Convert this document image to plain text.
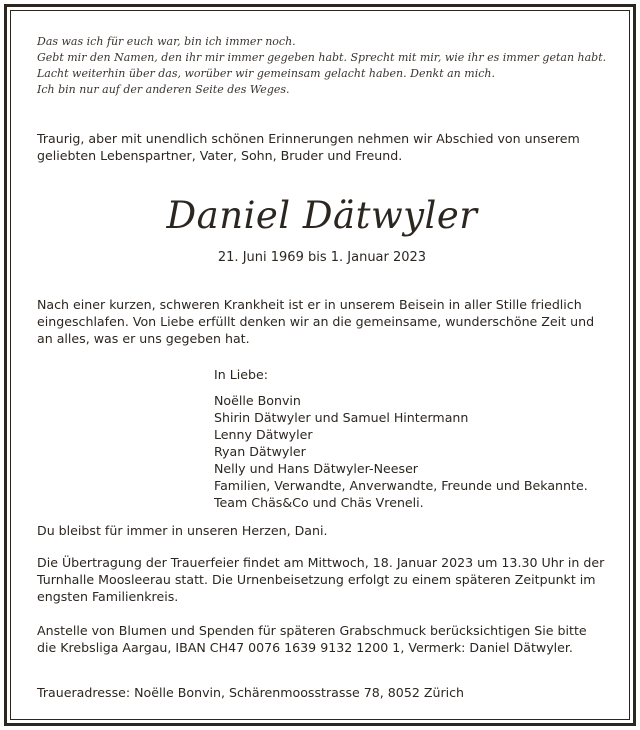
Das was ich für euch war, bin ich immer noch.
Gebt mir den Namen, den ihr mir immer gegeben habt. Sprecht mit mir, wie ihr es immer getan habt.
Lacht weiterhin über das, worüber wir gemeinsam gelacht haben. Denkt an mich.
Ich bin nur auf der anderen Seite des Weges.

Traurig, aber mit unendlich schönen Erinnerungen nehmen wir Abschied von unserem geliebten Lebenspartner, Vater, Sohn, Bruder und Freund.

Daniel Dätwyler
21. Juni 1969 bis 1. Januar 2023

Nach einer kurzen, schweren Krankheit ist er in unserem Beisein in aller Stille friedlich eingeschlafen. Von Liebe erfüllt denken wir an die gemeinsame, wunderschöne Zeit und an alles, was er uns gegeben hat.

In Liebe:
Noëlle Bonvin
Shirin Dätwyler und Samuel Hintermann
Lenny Dätwyler
Ryan Dätwyler
Nelly und Hans Dätwyler-Neeser
Familien, Verwandte, Anverwandte, Freunde und Bekannte.
Team Chäs&Co und Chäs Vreneli.

Du bleibst für immer in unseren Herzen, Dani.

Die Übertragung der Trauerfeier findet am Mittwoch, 18. Januar 2023 um 13.30 Uhr in der Turnhalle Moosleerau statt. Die Urnenbeisetzung erfolgt zu einem späteren Zeitpunkt im engsten Familienkreis.

Anstelle von Blumen und Spenden für späteren Grabschmuck berücksichtigen Sie bitte die Krebsliga Aargau, IBAN CH47 0076 1639 9132 1200 1, Vermerk: Daniel Dätwyler.

Traueradresse: Noëlle Bonvin, Schärenmoosstrasse 78, 8052 Zürich
